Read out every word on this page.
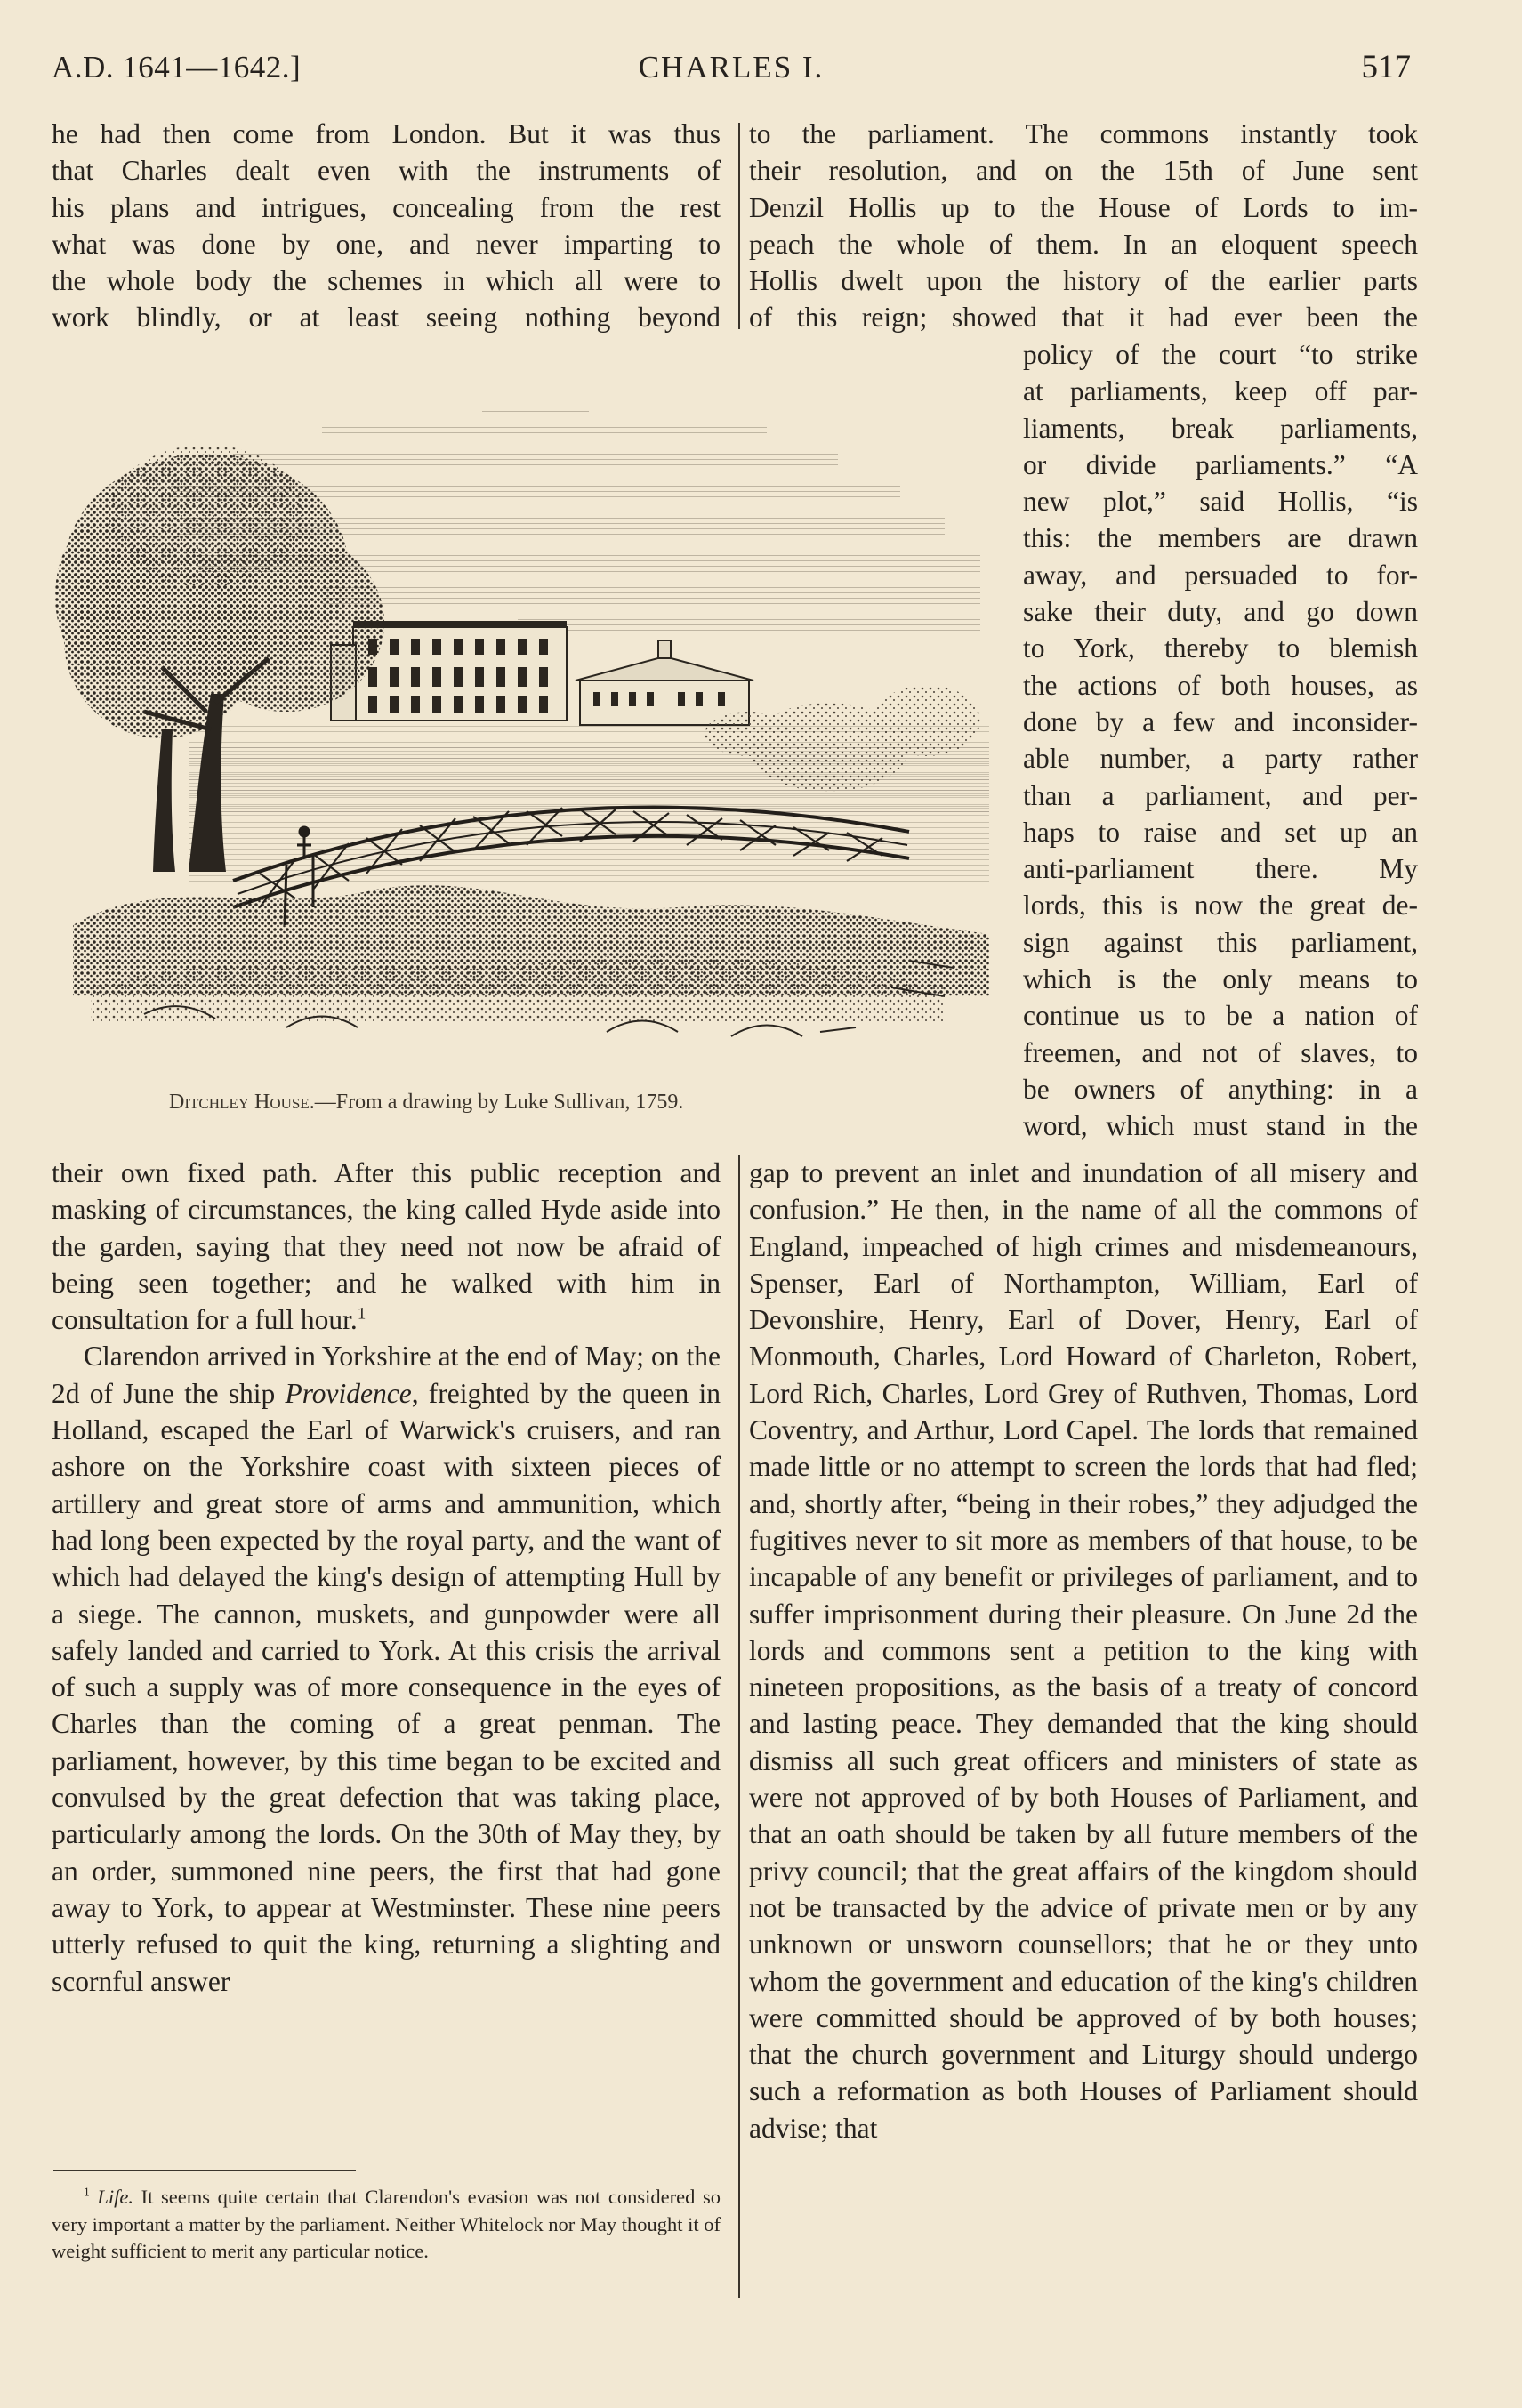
A.D. 1641—1642.]	CHARLES I.	517
he had then come from London. But it was thus
that Charles dealt even with the instruments of
his plans and intrigues, concealing from the rest
what was done by one, and never imparting to
the whole body the schemes in which all were to
work blindly, or at least seeing nothing beyond
to the parliament. The commons instantly took
their resolution, and on the 15th of June sent
Denzil Hollis up to the House of Lords to im-
peach the whole of them. In an eloquent speech
Hollis dwelt upon the history of the earlier parts
of this reign; showed that it had ever been the
policy of the court “to strike
at parliaments, keep off par-
liaments, break parliaments,
or divide parliaments.” “A
new plot,” said Hollis, “is
this: the members are drawn
away, and persuaded to for-
sake their duty, and go down
to York, thereby to blemish
the actions of both houses, as
done by a few and inconsider-
able number, a party rather
than a parliament, and per-
haps to raise and set up an
anti-parliament there. My
lords, this is now the great de-
sign against this parliament,
which is the only means to
continue us to be a nation of
freemen, and not of slaves, to
be owners of anything: in a
word, which must stand in the
Ditchley House.—From a drawing by Luke Sullivan, 1759.

their own fixed path. After this public reception and masking of circumstances, the king called Hyde aside into the garden, saying that they need not now be afraid of being seen together; and he walked with him in consultation for a full hour.$^1$

Clarendon arrived in Yorkshire at the end of May; on the 2d of June the ship Providence, freighted by the queen in Holland, escaped the Earl of Warwick's cruisers, and ran ashore on the Yorkshire coast with sixteen pieces of artillery and great store of arms and ammunition, which had long been expected by the royal party, and the want of which had delayed the king's design of attempting Hull by a siege. The cannon, muskets, and gunpowder were all safely landed and carried to York. At this crisis the arrival of such a supply was of more consequence in the eyes of Charles than the coming of a great penman. The parliament, however, by this time began to be excited and convulsed by the great defection that was taking place, particularly among the lords. On the 30th of May they, by an order, summoned nine peers, the first that had gone away to York, to appear at Westminster. These nine peers utterly refused to quit the king, returning a slighting and scornful answer

gap to prevent an inlet and inundation of all misery and confusion.” He then, in the name of all the commons of England, impeached of high crimes and misdemeanours, Spenser, Earl of Northampton, William, Earl of Devonshire, Henry, Earl of Dover, Henry, Earl of Monmouth, Charles, Lord Howard of Charleton, Robert, Lord Rich, Charles, Lord Grey of Ruthven, Thomas, Lord Coventry, and Arthur, Lord Capel. The lords that remained made little or no attempt to screen the lords that had fled; and, shortly after, “being in their robes,” they adjudged the fugitives never to sit more as members of that house, to be incapable of any benefit or privileges of parliament, and to suffer imprisonment during their pleasure. On June 2d the lords and commons sent a petition to the king with nineteen propositions, as the basis of a treaty of concord and lasting peace. They demanded that the king should dismiss all such great officers and ministers of state as were not approved of by both Houses of Parliament, and that an oath should be taken by all future members of the privy council; that the great affairs of the kingdom should not be transacted by the advice of private men or by any unknown or unsworn counsellors; that he or they unto whom the government and education of the king's children were committed should be approved of by both houses; that the church government and Liturgy should undergo such a reformation as both Houses of Parliament should advise; that

$^1$ Life. It seems quite certain that Clarendon's evasion was not considered so very important a matter by the parliament. Neither Whitelock nor May thought it of weight sufficient to merit any particular notice.
